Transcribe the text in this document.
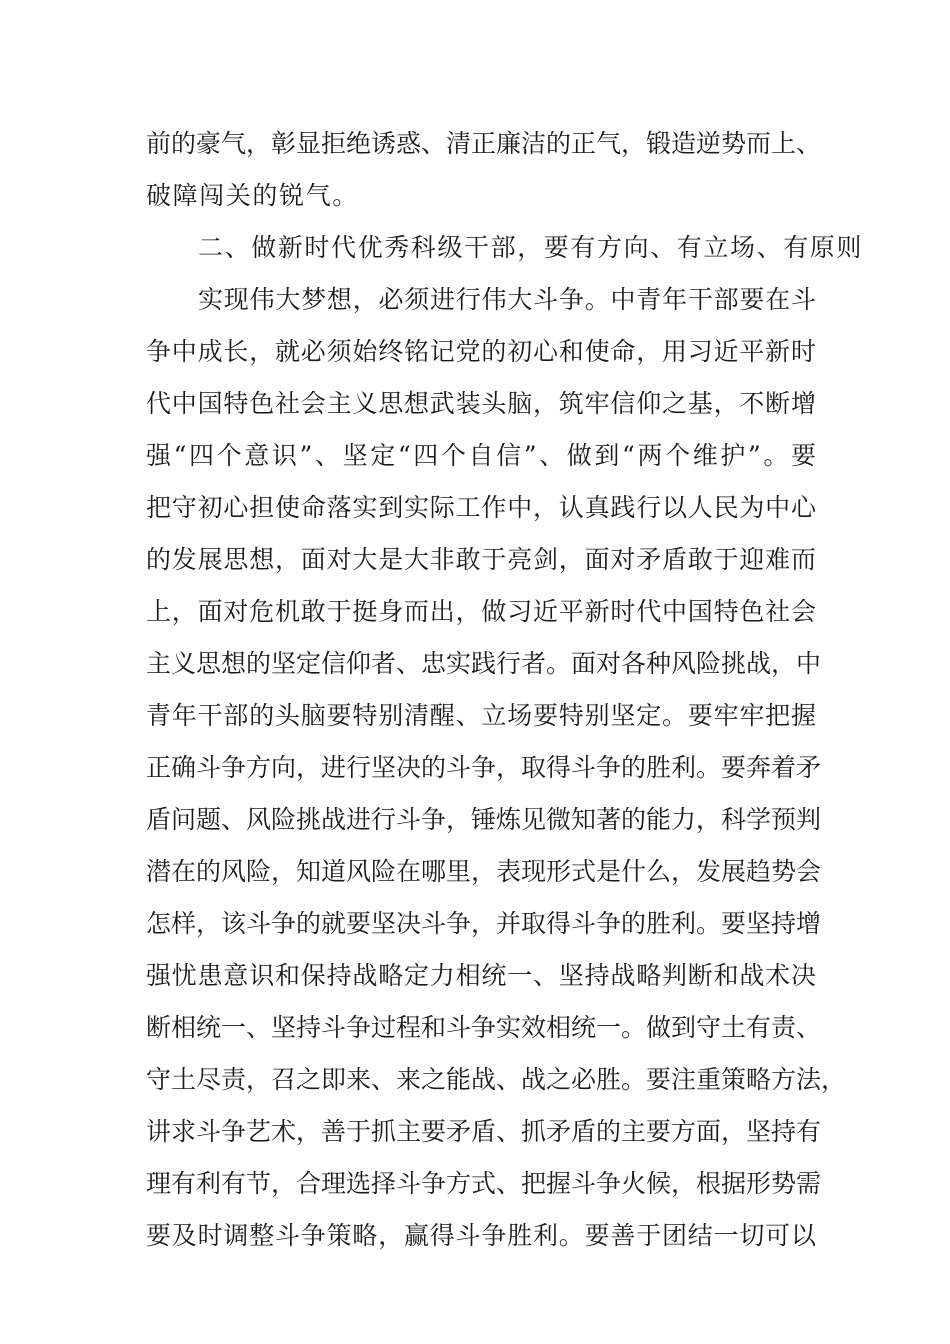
前的豪气，彰显拒绝诱惑、清正廉洁的正气，锻造逆势而上、
破障闯关的锐气。
二、做新时代优秀科级干部，要有方向、有立场、有原则
实现伟大梦想，必须进行伟大斗争。中青年干部要在斗
争中成长，就必须始终铭记党的初心和使命，用习近平新时
代中国特色社会主义思想武装头脑，筑牢信仰之基，不断增
强“四个意识”、坚定“四个自信”、做到“两个维护”。要
把守初心担使命落实到实际工作中，认真践行以人民为中心
的发展思想，面对大是大非敢于亮剑，面对矛盾敢于迎难而
上，面对危机敢于挺身而出，做习近平新时代中国特色社会
主义思想的坚定信仰者、忠实践行者。面对各种风险挑战，中
青年干部的头脑要特别清醒、立场要特别坚定。要牢牢把握
正确斗争方向，进行坚决的斗争，取得斗争的胜利。要奔着矛
盾问题、风险挑战进行斗争，锤炼见微知著的能力，科学预判
潜在的风险，知道风险在哪里，表现形式是什么，发展趋势会
怎样，该斗争的就要坚决斗争，并取得斗争的胜利。要坚持增
强忧患意识和保持战略定力相统一、坚持战略判断和战术决
断相统一、坚持斗争过程和斗争实效相统一。做到守土有责、
守土尽责，召之即来、来之能战、战之必胜。要注重策略方法，
讲求斗争艺术，善于抓主要矛盾、抓矛盾的主要方面，坚持有
理有利有节，合理选择斗争方式、把握斗争火候，根据形势需
要及时调整斗争策略，赢得斗争胜利。要善于团结一切可以
